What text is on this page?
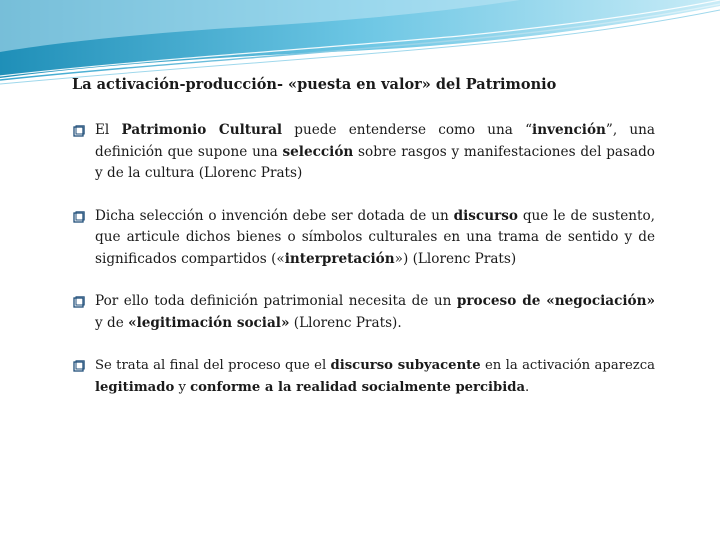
La activación-producción- «puesta en valor» del Patrimonio
El Patrimonio Cultural puede entenderse como una “invención”, una definición que supone una selección sobre rasgos y manifestaciones del pasado y de la cultura (Llorenc Prats)
Dicha selección o invención debe ser dotada de un discurso que le de sustento, que articule dichos bienes o símbolos culturales en una trama de sentido y de significados compartidos («interpretación») (Llorenc Prats)
Por ello toda definición patrimonial necesita de un proceso de «negociación» y de «legitimación social» (Llorenc Prats).
Se trata al final del proceso que el discurso subyacente en la activación aparezca legitimado y conforme a la realidad socialmente percibida.
